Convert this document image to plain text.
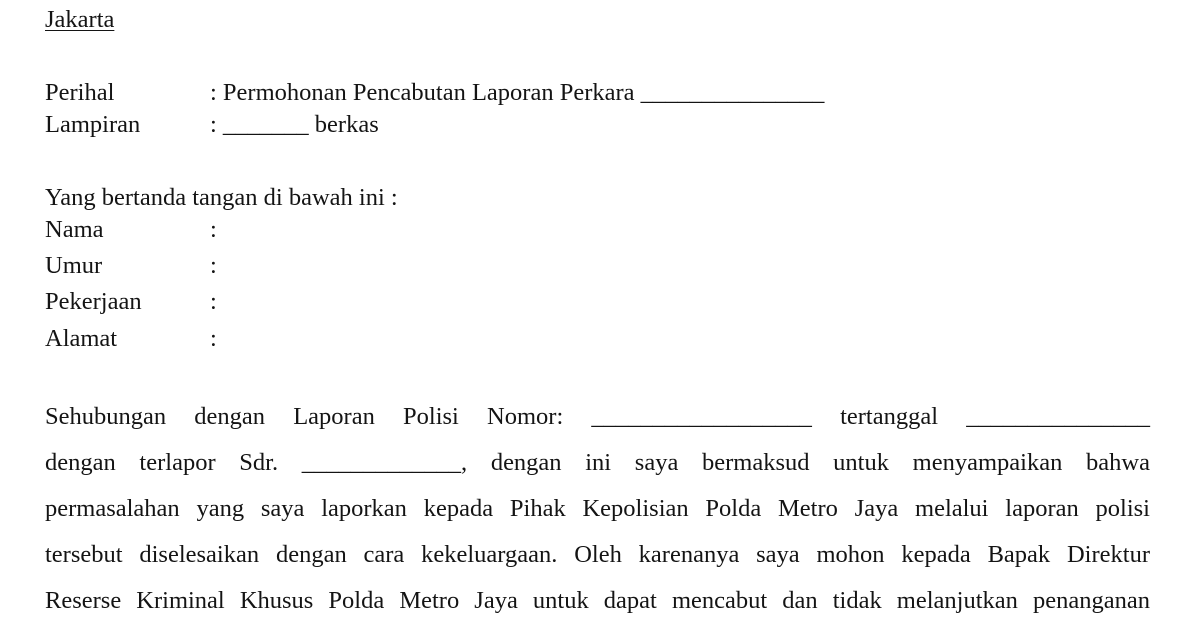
Jakarta
Perihal	: Permohonan Pencabutan Laporan Perkara _______________
Lampiran	: _______ berkas
Yang bertanda tangan di bawah ini :
Nama	:
Umur	:
Pekerjaan	:
Alamat	:
Sehubungan dengan Laporan Polisi Nomor: __________________ tertanggal _______________
dengan terlapor Sdr. _____________, dengan ini saya bermaksud untuk menyampaikan bahwa
permasalahan yang saya laporkan kepada Pihak Kepolisian Polda Metro Jaya melalui laporan polisi
tersebut diselesaikan dengan cara kekeluargaan. Oleh karenanya saya mohon kepada Bapak Direktur
Reserse Kriminal Khusus Polda Metro Jaya untuk dapat mencabut dan tidak melanjutkan penanganan
